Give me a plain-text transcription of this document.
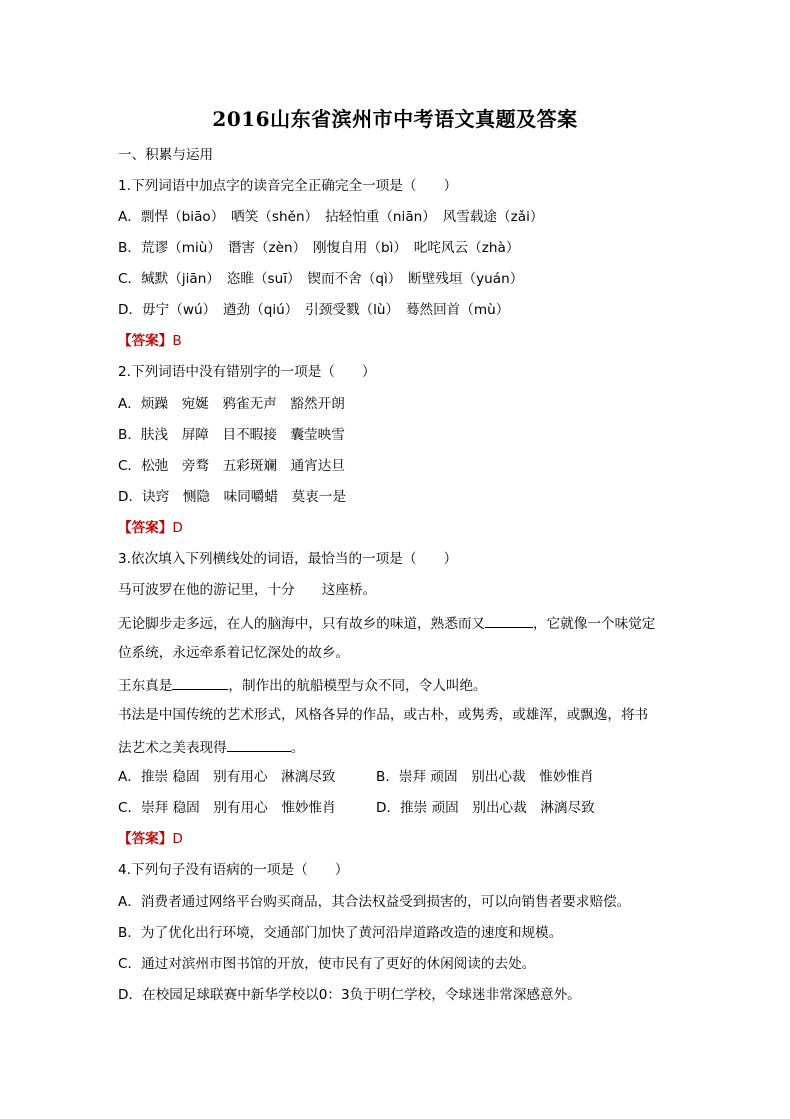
2016山东省滨州市中考语文真题及答案
一、积累与运用
1.下列词语中加点字的读音完全正确完全一项是（　　）
A．剽悍（biāo）　哂笑（shěn）　拈轻怕重（niān）　风雪载途（zǎi）
B．荒谬（miù）　谮害（zèn）　刚愎自用（bì）　叱咤风云（zhà）
C．缄默（jiān）　恣睢（suī）　锲而不舍（qì）　断壁残垣（yuán）
D．毋宁（wú）　遒劲（qiú）　引颈受戮（lù）　蓦然回首（mù）
【答案】B
2.下列词语中没有错别字的一项是（　　）
A．烦躁　宛娫　鸦雀无声　豁然开朗
B．肤浅　屏障　目不暇接　囊莹映雪
C．松弛　旁骛　五彩斑斓　通宵达旦
D．诀窍　恻隐　味同嚼蜡　莫衷一是
【答案】D
3.依次填入下列横线处的词语，最恰当的一项是（　　）
马可波罗在他的游记里，十分　　这座桥。
无论脚步走多远，在人的脑海中，只有故乡的味道，熟悉而又	，它就像一个味觉定
位系统，永远牵系着记忆深处的故乡。
王东真是	，制作出的航船模型与众不同，令人叫绝。
书法是中国传统的艺术形式，风格各异的作品，或古朴，或隽秀，或雄浑，或飘逸，将书
法艺术之美表现得	。
A．推崇 稳固　别有用心　淋漓尽致	B．崇拜 顽固　别出心裁　惟妙惟肖
C．崇拜 稳固　别有用心　惟妙惟肖	D．推崇 顽固　别出心裁　淋漓尽致
【答案】D
4.下列句子没有语病的一项是（　　）
A．消费者通过网络平台购买商品，其合法权益受到损害的，可以向销售者要求赔偿。
B．为了优化出行环境，交通部门加快了黄河沿岸道路改造的速度和规模。
C．通过对滨州市图书馆的开放，使市民有了更好的休闲阅读的去处。
D．在校园足球联赛中新华学校以0：3负于明仁学校，令球迷非常深感意外。
